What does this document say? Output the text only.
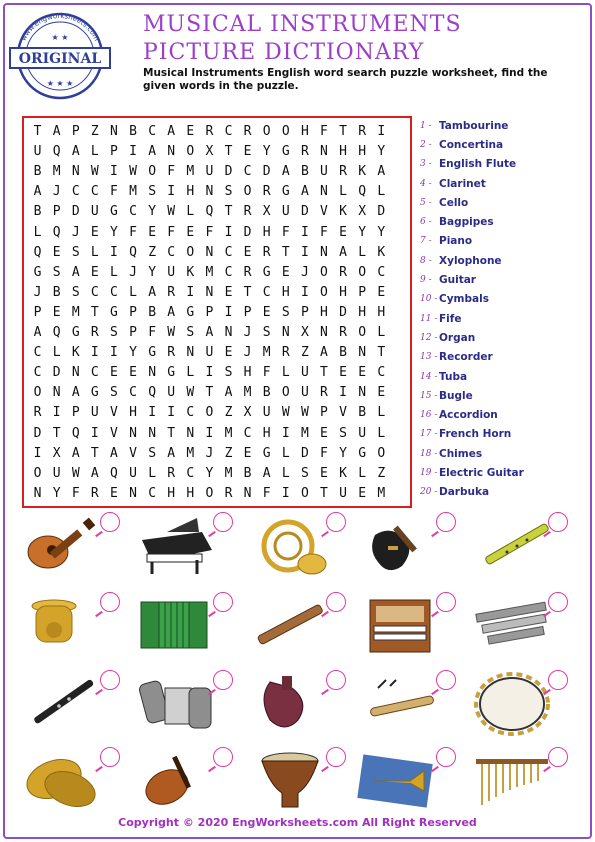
www.engworksheets.com
ORIGINAL
★ ★ ★
★ ★
MUSICAL INSTRUMENTS
PICTURE DICTIONARY
Musical Instruments English word search puzzle worksheet, find the given words in the puzzle.
T A P Z N B C A E R C R O O H F T R I
U Q A L P I A N O X T E Y G R N H H Y
B M N W I W O F M U D C D A B U R K A
A J C C F M S I H N S O R G A N L Q L
B P D U G C Y W L Q T R X U D V K X D
L Q J E Y F E F E F I D H F I F E Y Y
Q E S L I Q Z C O N C E R T I N A L K
G S A E L J Y U K M C R G E J O R O C
J B S C C L A R I N E T C H I O H P E
P E M T G P B A G P I P E S P H D H H
A Q G R S P F W S A N J S N X N R O L
C L K I I Y G R N U E J M R Z A B N T
C D N C E E N G L I S H F L U T E E C
O N A G S C Q U W T A M B O U R I N E
R I P U V H I I C O Z X U W W P V B L
D T Q I V N N T N I M C H I M E S U L
I X A T A V S A M J Z E G L D F Y G O
O U W A Q U L R C Y M B A L S E K L Z
N Y F R E N C H H O R N F I O T U E M
1 - Tambourine
2 - Concertina
3 - English Flute
4 - Clarinet
5 - Cello
6 - Bagpipes
7 - Piano
8 - Xylophone
9 - Guitar
10 - Cymbals
11 - Fife
12 - Organ
13 - Recorder
14 - Tuba
15 - Bugle
16 - Accordion
17 - French Horn
18 - Chimes
19 - Electric Guitar
20 - Darbuka
Copyright © 2020 EngWorksheets.com All Right Reserved
